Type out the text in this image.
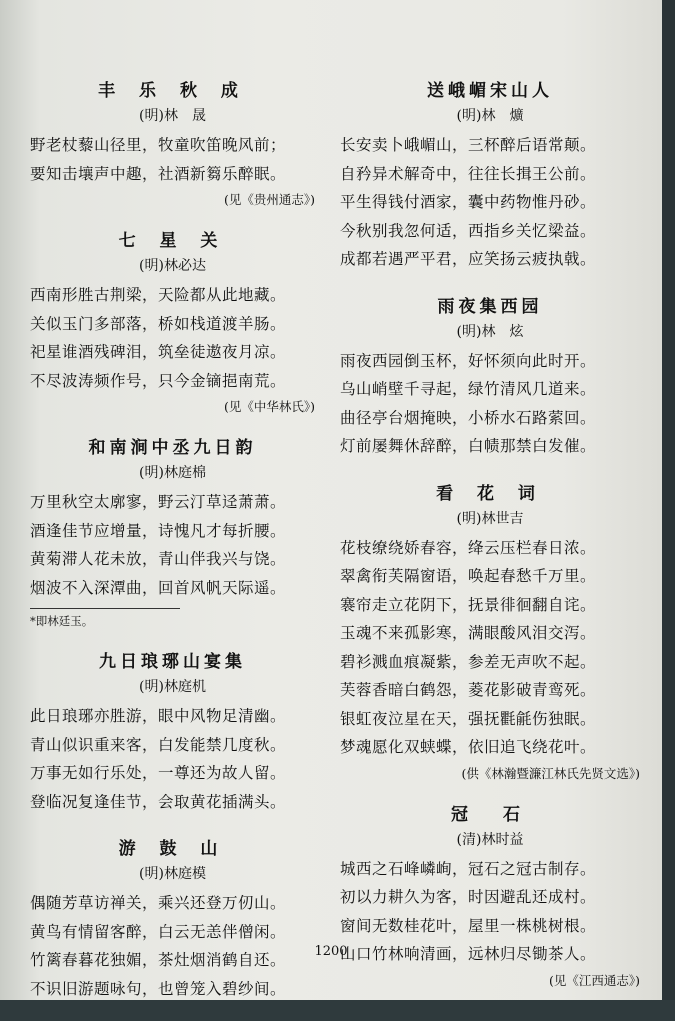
丰 乐 秋 成
(明)林　晟
野老杖藜山径里，牧童吹笛晚风前；
要知击壤声中趣，社酒新篘乐醉眠。
(见《贵州通志》)
七 星 关
(明)林必达
西南形胜古荆梁，天险都从此地藏。
关似玉门多部落，桥如栈道渡羊肠。
祀星谁酒残碑泪，筑垒徒遨夜月凉。
不尽波涛频作号，只今金镝挹南荒。
(见《中华林氏》)
和南涧中丞九日韵
(明)林庭棉
万里秋空太廓寥，野云汀草迳萧萧。
酒逢佳节应增量，诗愧凡才每折腰。
黄菊滞人花未放，青山伴我兴与饶。
烟波不入深潭曲，回首风帆天际遥。
*即林廷玉。
九日琅琊山宴集
(明)林庭机
此日琅琊亦胜游，眼中风物足清幽。
青山似识重来客，白发能禁几度秋。
万事无如行乐处，一尊还为故人留。
登临况复逢佳节，会取黄花插满头。
游 鼓 山
(明)林庭模
偶随芳草访禅关，乘兴还登万仞山。
黄鸟有情留客醉，白云无恙伴僧闲。
竹篱春暮花独媚，茶灶烟消鹤自还。
不识旧游题咏句，也曾笼入碧纱间。
送峨嵋宋山人
(明)林　爌
长安卖卜峨嵋山，三杯醉后语常颠。
自矜异术解奇中，往往长揖王公前。
平生得钱付酒家，囊中药物惟丹砂。
今秋别我忽何适，西指乡关忆梁益。
成都若遇严平君，应笑扬云疲执戟。
雨夜集西园
(明)林　炫
雨夜西园倒玉杯，好怀须向此时开。
乌山峭壁千寻起，绿竹清风几道来。
曲径亭台烟掩映，小桥水石路萦回。
灯前屡舞休辞醉，白帻那禁白发催。
看 花 词
(明)林世吉
花枝缭绕娇春容，绛云压栏春日浓。
翠禽衔芙隔窗语，唤起春愁千万里。
褰帘走立花阴下，抚景徘徊翻自诧。
玉魂不来孤影寒，满眼酸风泪交泻。
碧衫溅血痕凝紫，参差无声吹不起。
芙蓉香暗白鹤怨，菱花影破青鸾死。
银虹夜泣星在天，强抚氍毹伤独眠。
梦魂愿化双蛱蝶，依旧追飞绕花叶。
(供《林瀚暨濂江林氏先贤文选》)
冠　石
(清)林时益
城西之石峰嶙峋，冠石之冠古制存。
初以力耕久为客，时因避乱还成村。
窗间无数桂花叶，屋里一株桃树根。
山口竹林响清画，远林归尽锄茶人。
(见《江西通志》)
1200
